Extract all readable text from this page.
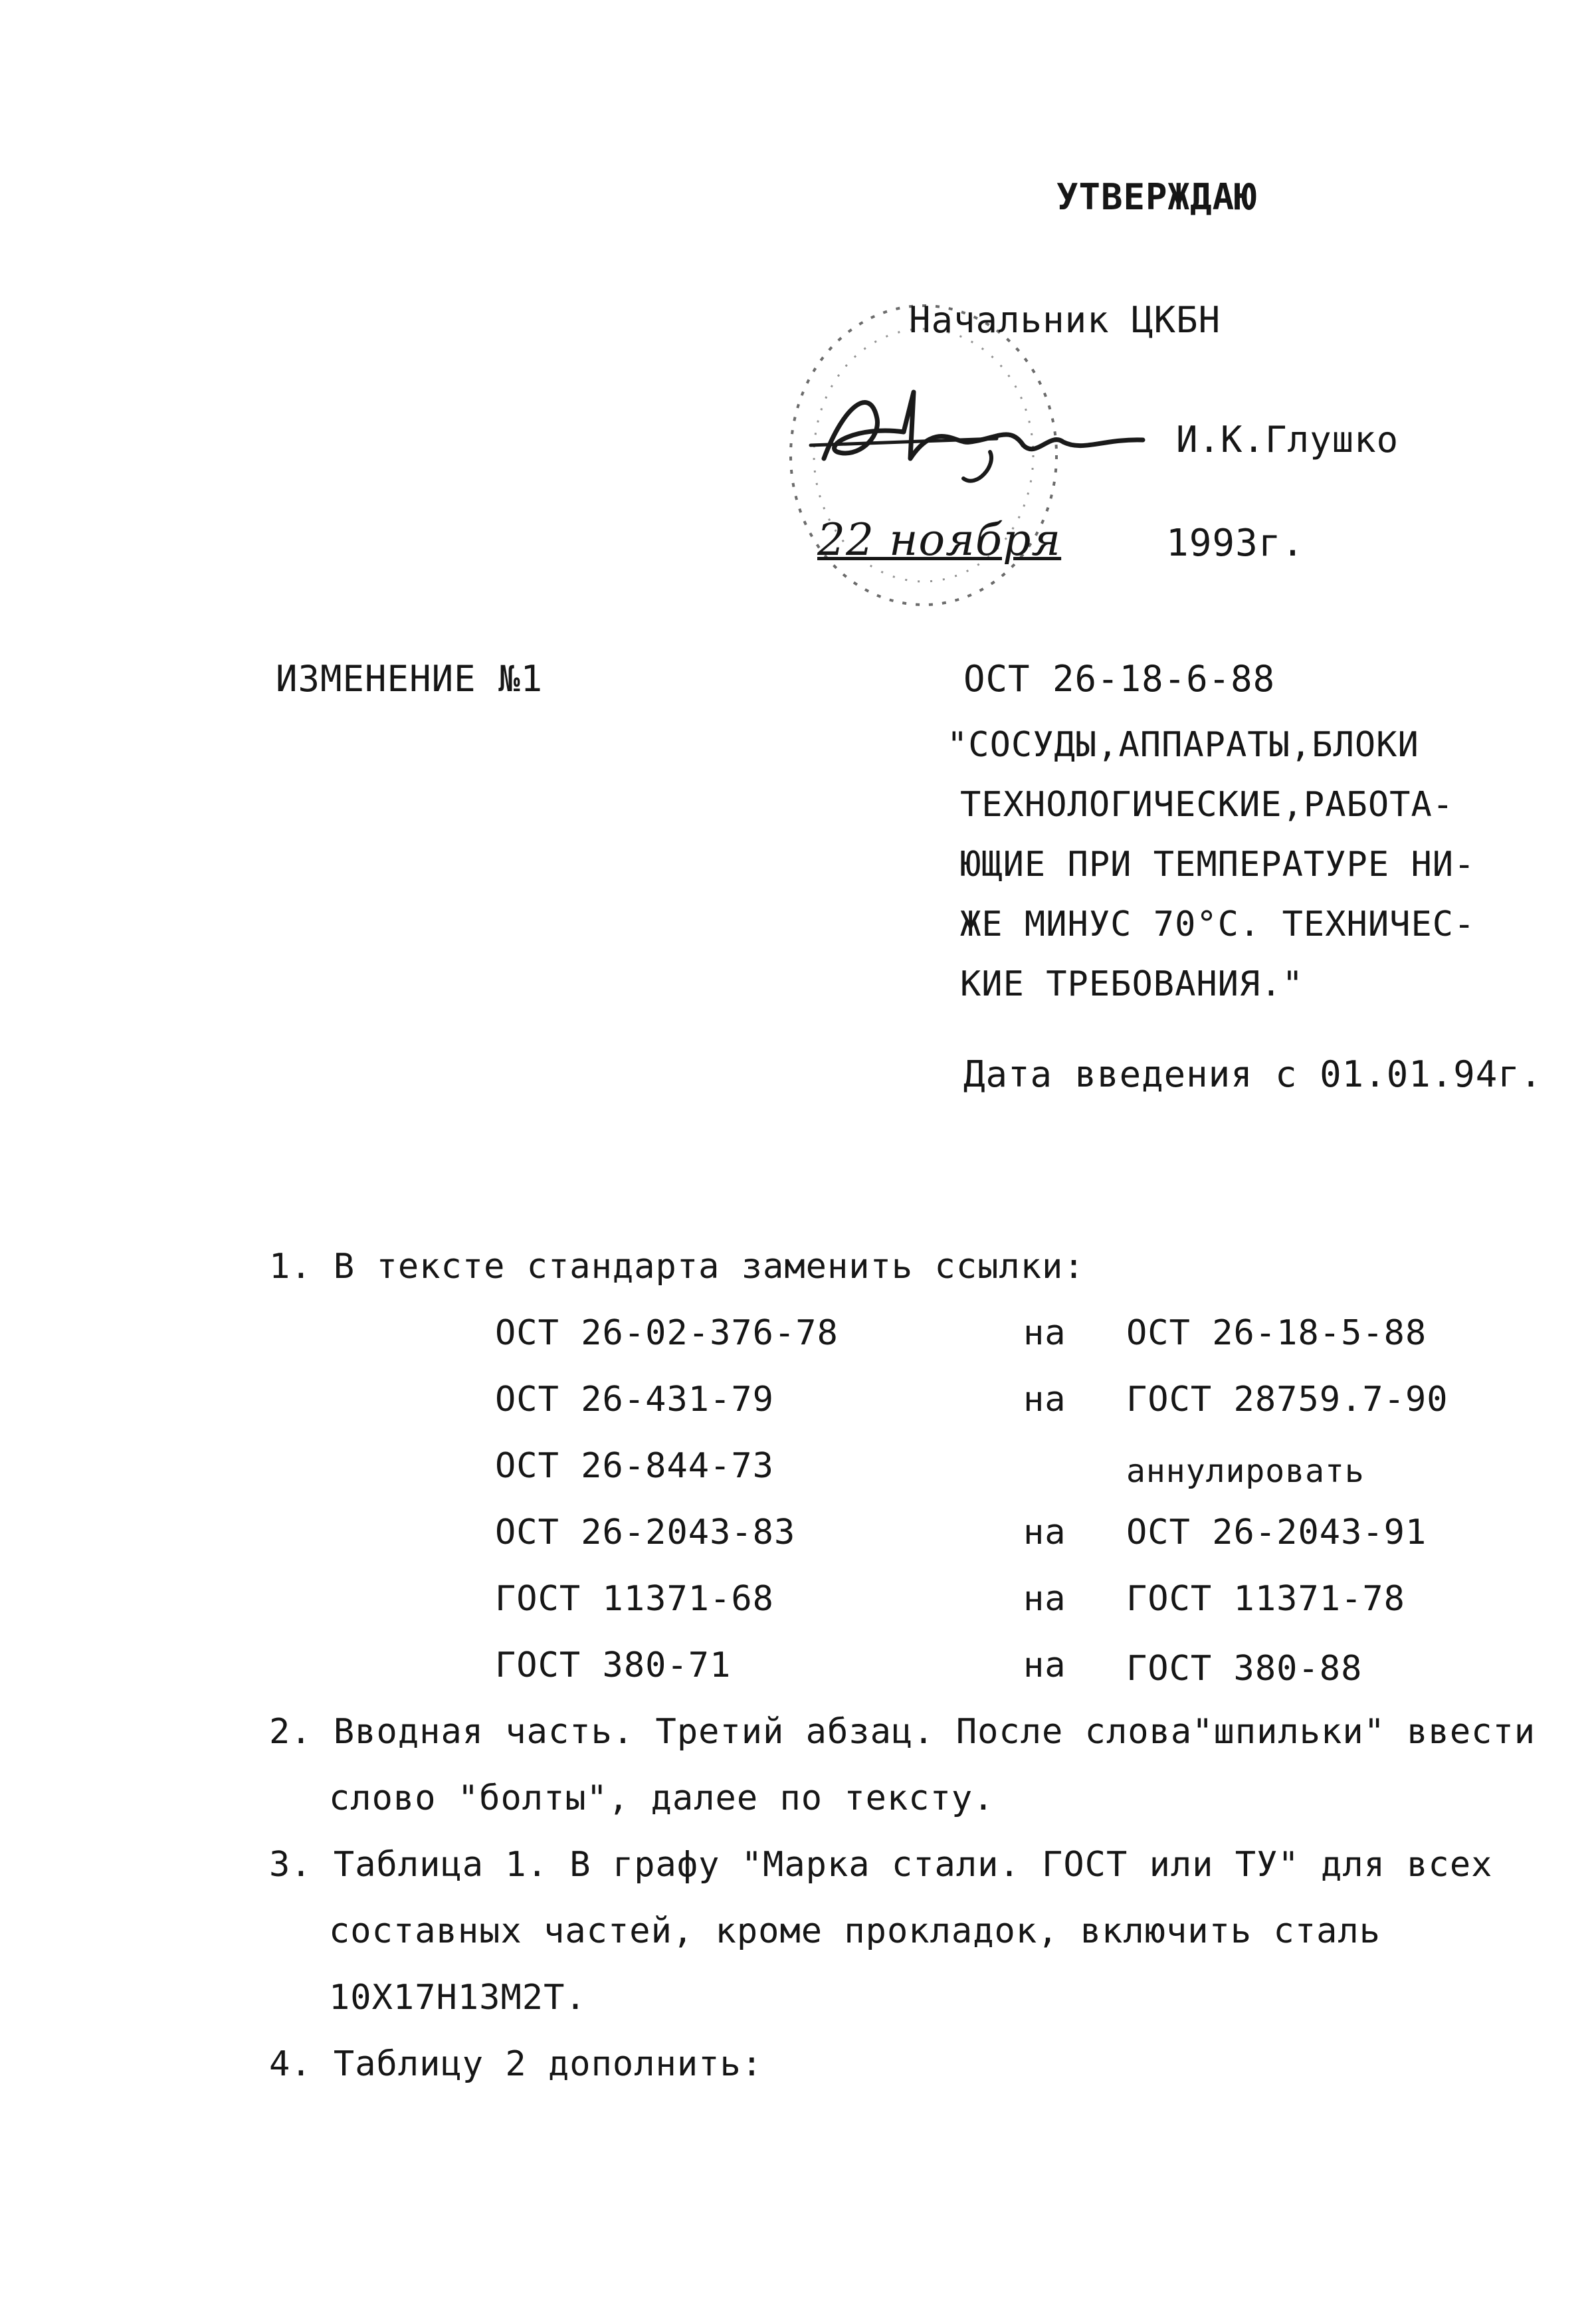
УТВЕРЖДАЮ
Начальник ЦКБН
И.К.Глушко
22 ноября	1993г.
ИЗМЕНЕНИЕ №1	ОСТ 26-18-6-88
"СОСУДЫ,АППАРАТЫ,БЛОКИ
ТЕХНОЛОГИЧЕСКИЕ,РАБОТА-
ЮЩИЕ ПРИ ТЕМПЕРАТУРЕ НИ-
ЖЕ МИНУС 70°С. ТЕХНИЧЕС-
КИЕ ТРЕБОВАНИЯ."
Дата введения с 01.01.94г.
1. В тексте стандарта заменить ссылки:
ОСТ 26-02-376-78	на ОСТ 26-18-5-88
ОСТ 26-431-79	на ГОСТ 28759.7-90
ОСТ 26-844-73	аннулировать
ОСТ 26-2043-83	на ОСТ 26-2043-91
ГОСТ 11371-68	на ГОСТ 11371-78
ГОСТ 380-71	на ГОСТ 380-88
2. Вводная часть. Третий абзац. После слова"шпильки" ввести
слово "болты", далее по тексту.
3. Таблица 1. В графу "Марка стали. ГОСТ или ТУ" для всех
составных частей, кроме прокладок, включить сталь
10Х17Н13М2Т.
4. Таблицу 2 дополнить:
